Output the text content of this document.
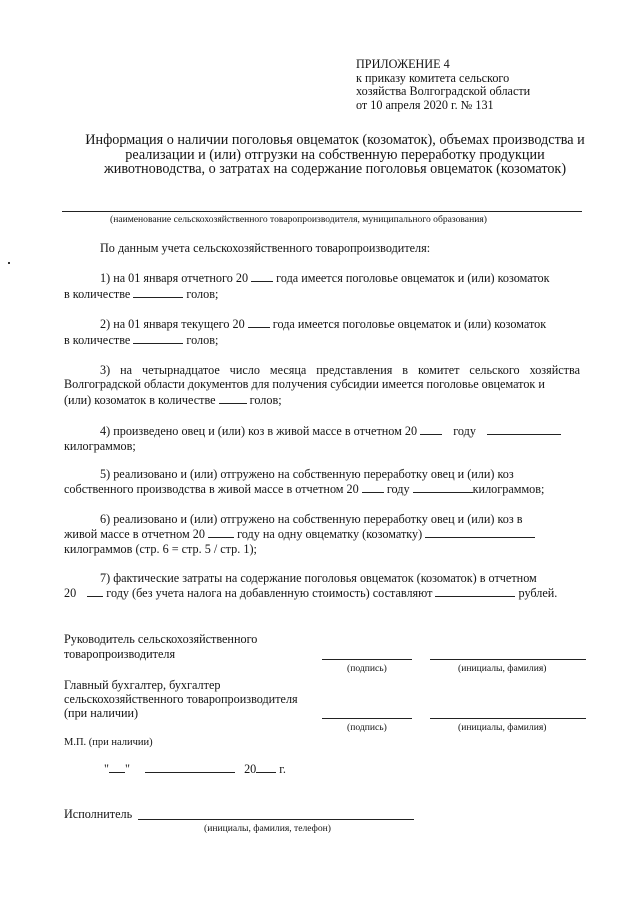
ПРИЛОЖЕНИЕ 4
к приказу комитета сельского
хозяйства Волгоградской области
от 10 апреля 2020 г. № 131
Информация о наличии поголовья овцематок (козоматок), объемах производства и реализации и (или) отгрузки на собственную переработку продукции животноводства, о затратах на содержание поголовья овцематок (козоматок)
(наименование сельскохозяйственного товаропроизводителя, муниципального образования)
По данным учета сельскохозяйственного товаропроизводителя:
1) на 01 января отчетного 20 года имеется поголовье овцематок и (или) козоматок
в количестве	голов;
2) на 01 января текущего 20 года имеется поголовье овцематок и (или) козоматок
в количестве	голов;
3) на четырнадцатое число месяца представления в комитет сельского хозяйства Волгоградской области документов для получения субсидии имеется поголовье овцематок и
(или) козоматок в количестве	голов;
4) произведено овец и (или) коз в живой массе в отчетном 20	году
килограммов;
5) реализовано и (или) отгружено на собственную переработку овец и (или) коз
собственного производства в живой массе в отчетном 20 году	килограммов;
6) реализовано и (или) отгружено на собственную переработку овец и (или) коз в
живой массе в отчетном 20	году на одну овцематку (козоматку)
килограммов (стр. 6 = стр. 5 / стр. 1);
7) фактические затраты на содержание поголовья овцематок (козоматок) в отчетном
20 году (без учета налога на добавленную стоимость) составляют	рублей.
Руководитель сельскохозяйственного
товаропроизводителя
(подпись)	(инициалы, фамилия)
Главный бухгалтер, бухгалтер
сельскохозяйственного товаропроизводителя
(при наличии)
(подпись)	(инициалы, фамилия)
М.П. (при наличии)
" "	20 г.
Исполнитель
(инициалы, фамилия, телефон)
